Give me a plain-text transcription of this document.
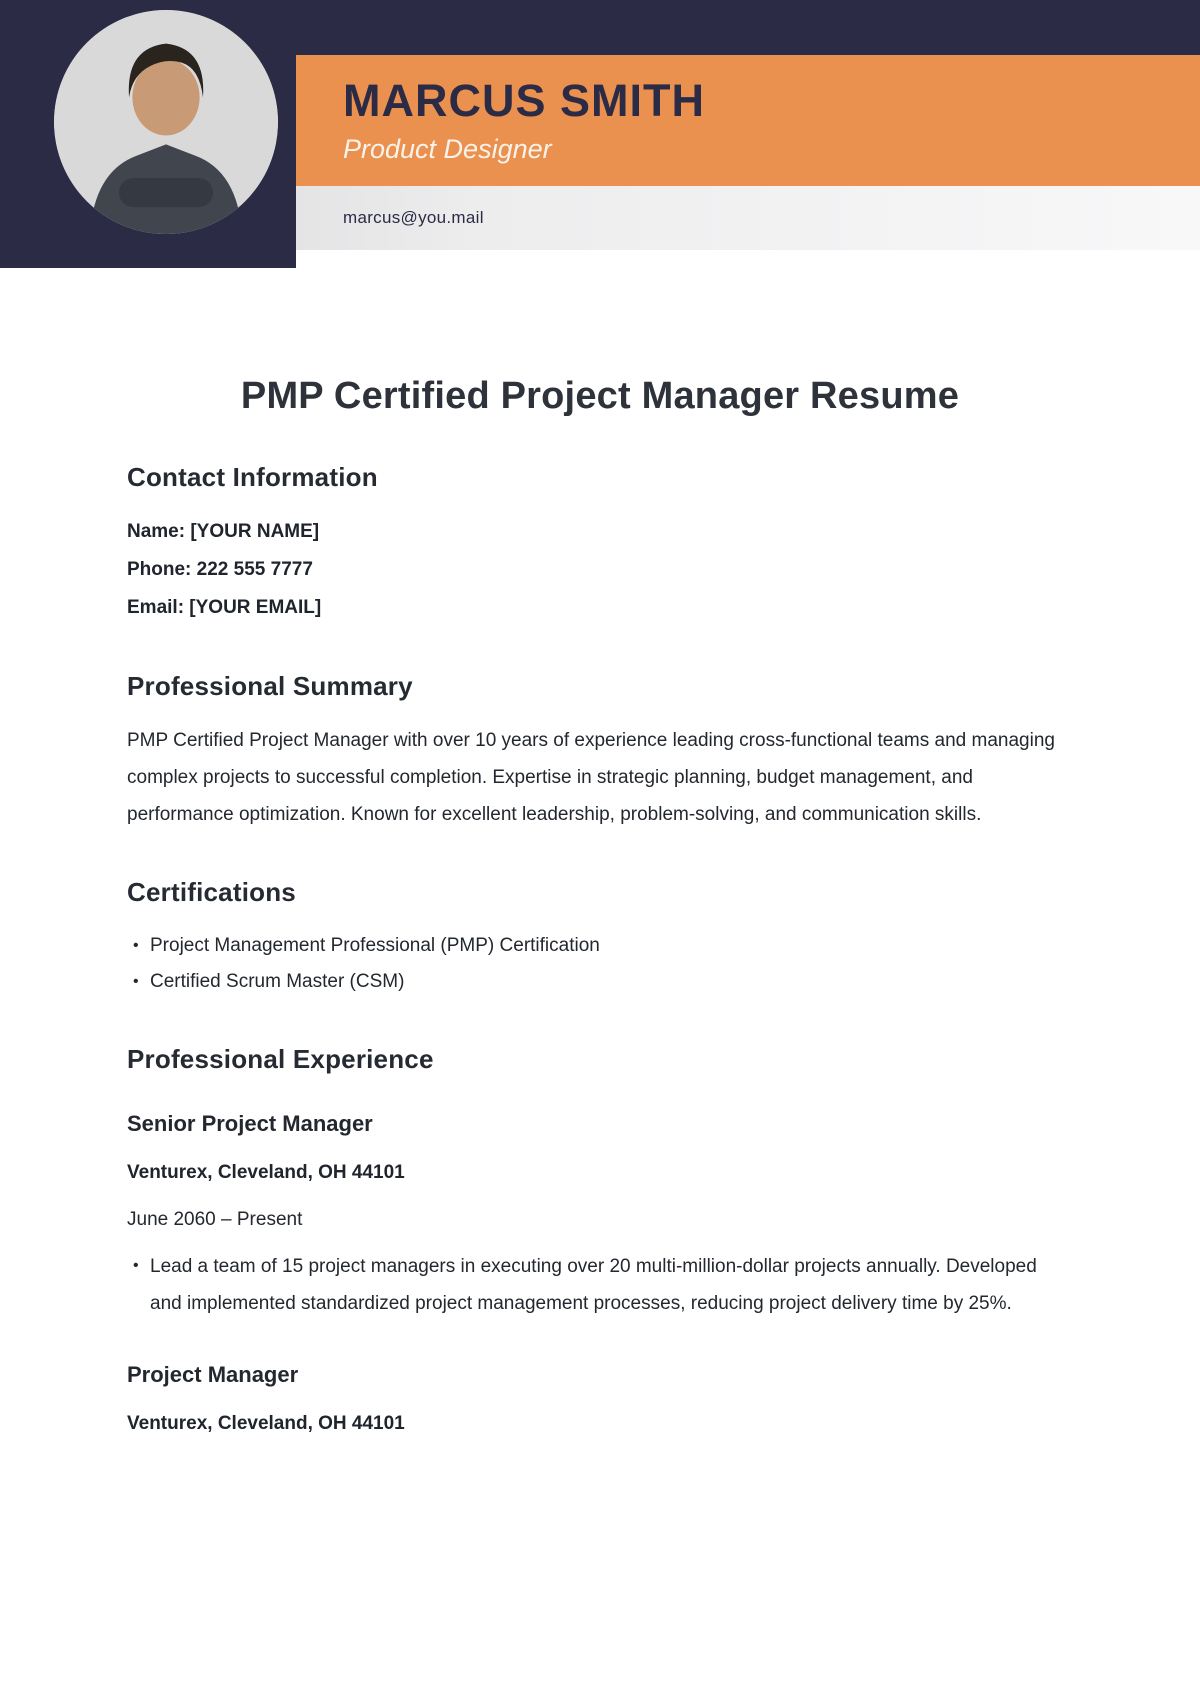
MARCUS SMITH
Product Designer
marcus@you.mail
PMP Certified Project Manager Resume
Contact Information

Name: [YOUR NAME]

Phone: 222 555 7777

Email: [YOUR EMAIL]

Professional Summary

PMP Certified Project Manager with over 10 years of experience leading cross-functional teams and managing complex projects to successful completion. Expertise in strategic planning, budget management, and performance optimization. Known for excellent leadership, problem-solving, and communication skills.

Certifications
• Project Management Professional (PMP) Certification
• Certified Scrum Master (CSM)
Professional Experience
Senior Project Manager

Venturex, Cleveland, OH 44101

June 2060 – Present

• Lead a team of 15 project managers in executing over 20 multi-million-dollar projects annually. Developed and implemented standardized project management processes, reducing project delivery time by 25%.
Project Manager

Venturex, Cleveland, OH 44101
